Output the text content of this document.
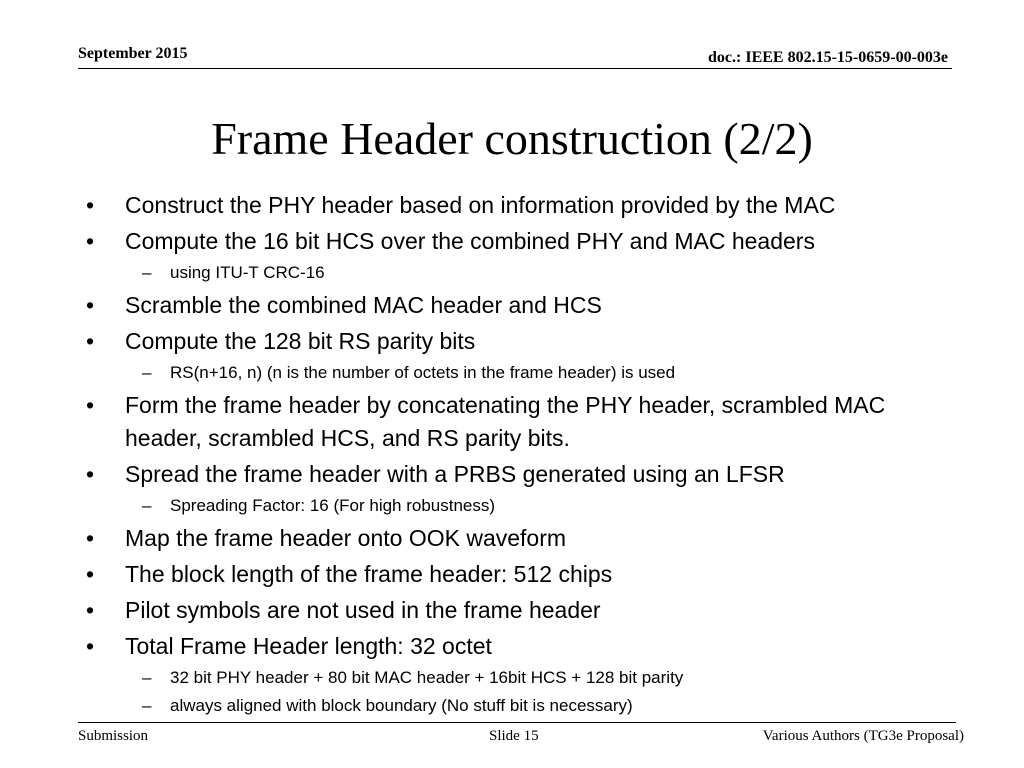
September 2015	doc.: IEEE 802.15-15-0659-00-003e
Frame Header construction (2/2)
• Construct the PHY header based on information provided by the MAC
• Compute the 16 bit HCS over the combined PHY and MAC headers
– using ITU-T CRC-16
• Scramble the combined MAC header and HCS
• Compute the 128 bit RS parity bits
– RS(n+16, n) (n is the number of octets in the frame header) is used
• Form the frame header by concatenating the PHY header, scrambled MAC header, scrambled HCS, and RS parity bits.
• Spread the frame header with a PRBS generated using an LFSR
– Spreading Factor: 16 (For high robustness)
• Map the frame header onto OOK waveform
• The block length of the frame header: 512 chips
• Pilot symbols are not used in the frame header
• Total Frame Header length: 32 octet
– 32 bit PHY header + 80 bit MAC header + 16bit HCS + 128 bit parity
– always aligned with block boundary (No stuff bit is necessary)
Submission	Slide 15	Various Authors (TG3e Proposal)
